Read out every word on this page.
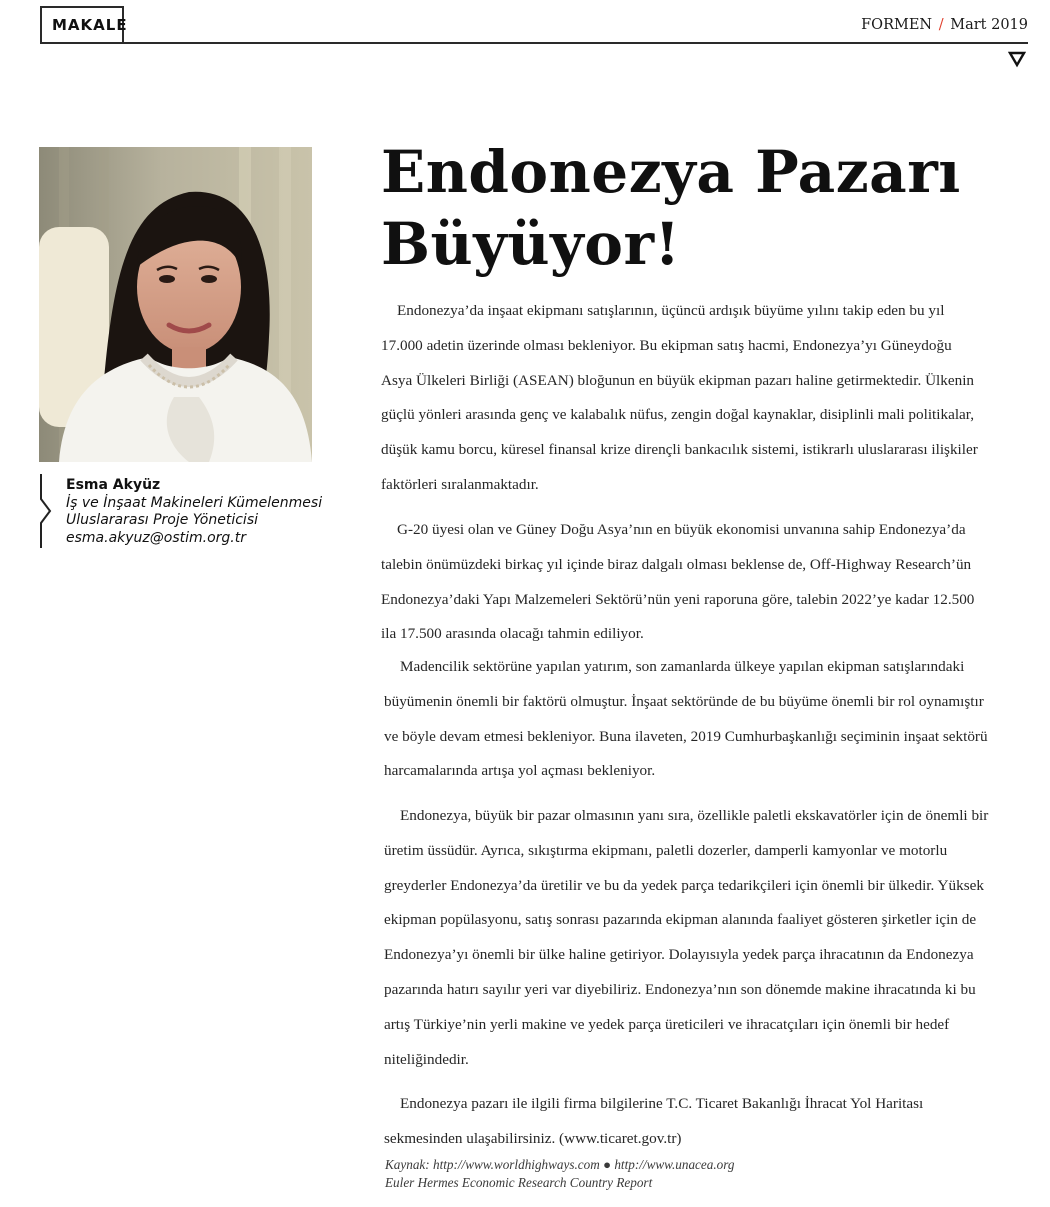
MAKALE	FORMEN / Mart 2019
Esma Akyüz
İş ve İnşaat Makineleri Kümelenmesi
Uluslararası Proje Yöneticisi
esma.akyuz@ostim.org.tr
Endonezya Pazarı
Büyüyor!

Endonezya’da inşaat ekipmanı satışlarının, üçüncü ardışık büyüme yılını takip eden bu yıl 17.000 adetin üzerinde olması bekleniyor. Bu ekipman satış hacmi, Endonezya’yı Güneydoğu Asya Ülkeleri Birliği (ASEAN) bloğunun en büyük ekipman pazarı haline getirmektedir. Ülkenin güçlü yönleri arasında genç ve kalabalık nüfus, zengin doğal kaynaklar, disiplinli mali politikalar, düşük kamu borcu, küresel finansal krize dirençli bankacılık sistemi, istikrarlı uluslararası ilişkiler faktörleri sıralanmaktadır.

G-20 üyesi olan ve Güney Doğu Asya’nın en büyük ekonomisi unvanına sahip Endonezya’da talebin önümüzdeki birkaç yıl içinde biraz dalgalı olması beklense de, Off-Highway Research’ün Endonezya’daki Yapı Malzemeleri Sektörü’nün yeni raporuna göre, talebin 2022’ye kadar 12.500 ila 17.500 arasında olacağı tahmin ediliyor.

Madencilik sektörüne yapılan yatırım, son zamanlarda ülkeye yapılan ekipman satışlarındaki büyümenin önemli bir faktörü olmuştur. İnşaat sektöründe de bu büyüme önemli bir rol oynamıştır ve böyle devam etmesi bekleniyor. Buna ilaveten, 2019 Cumhurbaşkanlığı seçiminin inşaat sektörü harcamalarında artışa yol açması bekleniyor.

Endonezya, büyük bir pazar olmasının yanı sıra, özellikle paletli ekskavatörler için de önemli bir üretim üssüdür. Ayrıca, sıkıştırma ekipmanı, paletli dozerler, damperli kamyonlar ve motorlu greyderler Endonezya’da üretilir ve bu da yedek parça tedarikçileri için önemli bir ülkedir. Yüksek ekipman popülasyonu, satış sonrası pazarında ekipman alanında faaliyet gösteren şirketler için de Endonezya’yı önemli bir ülke haline getiriyor. Dolayısıyla yedek parça ihracatının da Endonezya pazarında hatırı sayılır yeri var diyebiliriz. Endonezya’nın son dönemde makine ihracatında ki bu artış Türkiye’nin yerli makine ve yedek parça üreticileri ve ihracatçıları için önemli bir hedef niteliğindedir.

Endonezya pazarı ile ilgili firma bilgilerine T.C. Ticaret Bakanlığı İhracat Yol Haritası sekmesinden ulaşabilirsiniz. (www.ticaret.gov.tr)

Kaynak: http://www.worldhighways.com ● http://www.unacea.org
Euler Hermes Economic Research Country Report
